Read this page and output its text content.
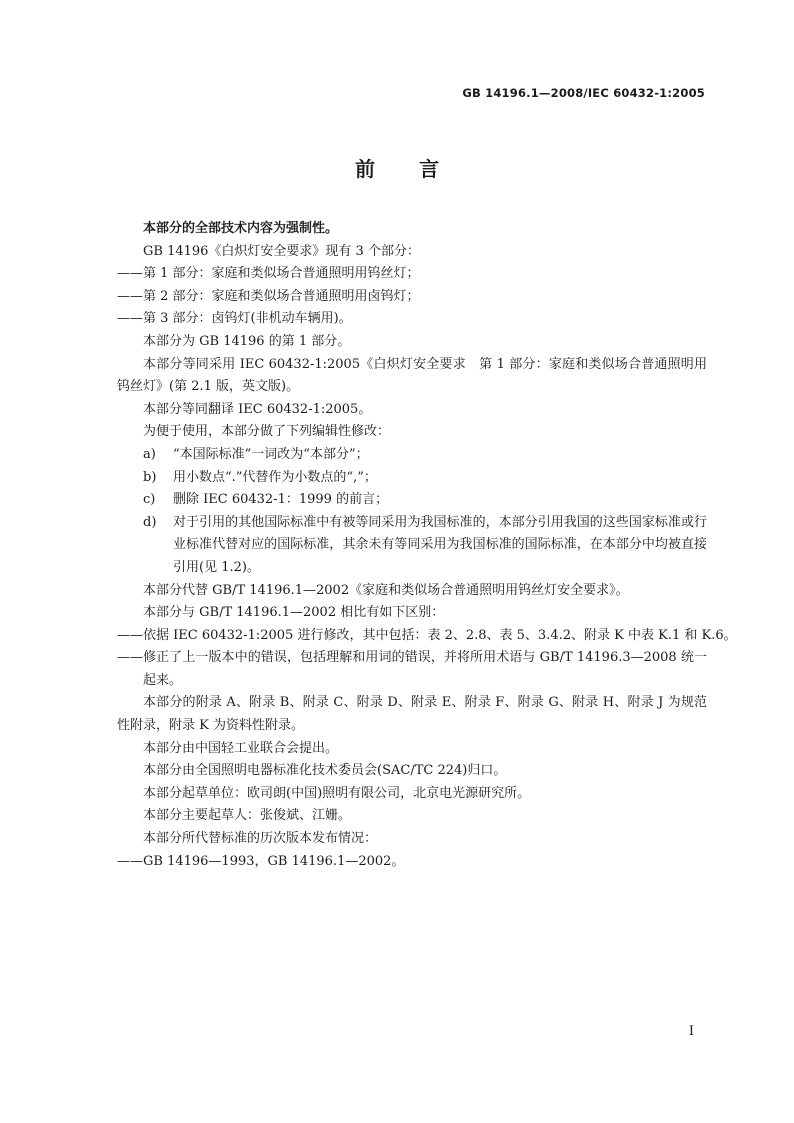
GB 14196.1—2008/IEC 60432-1:2005
前 言

本部分的全部技术内容为强制性。

GB 14196《白炽灯安全要求》现有 3 个部分：

——第 1 部分：家庭和类似场合普通照明用钨丝灯；

——第 2 部分：家庭和类似场合普通照明用卤钨灯；

——第 3 部分：卤钨灯(非机动车辆用)。

本部分为 GB 14196 的第 1 部分。

本部分等同采用 IEC 60432-1:2005《白炽灯安全要求　第 1 部分：家庭和类似场合普通照明用钨丝灯》(第 2.1 版，英文版)。

本部分等同翻译 IEC 60432-1:2005。

为便于使用，本部分做了下列编辑性修改：

a) “本国际标准”一词改为“本部分”；

b) 用小数点“.”代替作为小数点的“,”；

c) 删除 IEC 60432-1：1999 的前言；

d) 对于引用的其他国际标准中有被等同采用为我国标准的，本部分引用我国的这些国家标准或行业标准代替对应的国际标准，其余未有等同采用为我国标准的国际标准，在本部分中均被直接引用(见 1.2)。

本部分代替 GB/T 14196.1—2002《家庭和类似场合普通照明用钨丝灯安全要求》。

本部分与 GB/T 14196.1—2002 相比有如下区别：

——依据 IEC 60432-1:2005 进行修改，其中包括：表 2、2.8、表 5、3.4.2、附录 K 中表 K.1 和 K.6。

——修正了上一版本中的错误，包括理解和用词的错误，并将所用术语与 GB/T 14196.3—2008 统一起来。

本部分的附录 A、附录 B、附录 C、附录 D、附录 E、附录 F、附录 G、附录 H、附录 J 为规范性附录，附录 K 为资料性附录。

本部分由中国轻工业联合会提出。

本部分由全国照明电器标准化技术委员会(SAC/TC 224)归口。

本部分起草单位：欧司朗(中国)照明有限公司，北京电光源研究所。

本部分主要起草人：张俊斌、江姗。

本部分所代替标准的历次版本发布情况：

——GB 14196—1993，GB 14196.1—2002。

I
